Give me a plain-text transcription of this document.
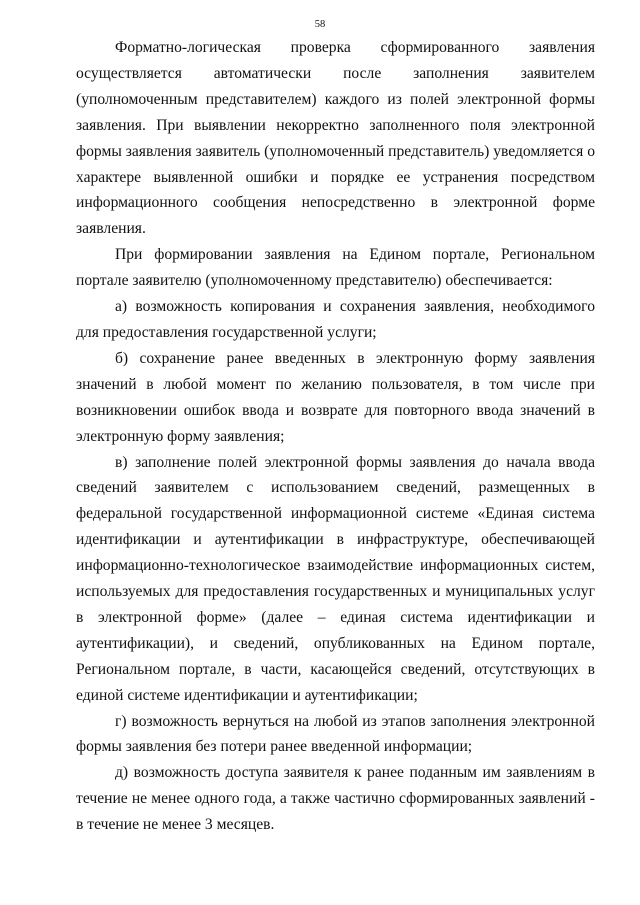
58

Форматно-логическая проверка сформированного заявления осуществляется автоматически после заполнения заявителем (уполномоченным представителем) каждого из полей электронной формы заявления. При выявлении некорректно заполненного поля электронной формы заявления заявитель (уполномоченный представитель) уведомляется о характере выявленной ошибки и порядке ее устранения посредством информационного сообщения непосредственно в электронной форме заявления.

При формировании заявления на Едином портале, Региональном портале заявителю (уполномоченному представителю) обеспечивается:

а) возможность копирования и сохранения заявления, необходимого для предоставления государственной услуги;

б) сохранение ранее введенных в электронную форму заявления значений в любой момент по желанию пользователя, в том числе при возникновении ошибок ввода и возврате для повторного ввода значений в электронную форму заявления;

в) заполнение полей электронной формы заявления до начала ввода сведений заявителем с использованием сведений, размещенных в федеральной государственной информационной системе «Единая система идентификации и аутентификации в инфраструктуре, обеспечивающей информационно-технологическое взаимодействие информационных систем, используемых для предоставления государственных и муниципальных услуг в электронной форме» (далее – единая система идентификации и аутентификации), и сведений, опубликованных на Едином портале, Региональном портале, в части, касающейся сведений, отсутствующих в единой системе идентификации и аутентификации;

г) возможность вернуться на любой из этапов заполнения электронной формы заявления без потери ранее введенной информации;

д) возможность доступа заявителя к ранее поданным им заявлениям в течение не менее одного года, а также частично сформированных заявлений - в течение не менее 3 месяцев.
